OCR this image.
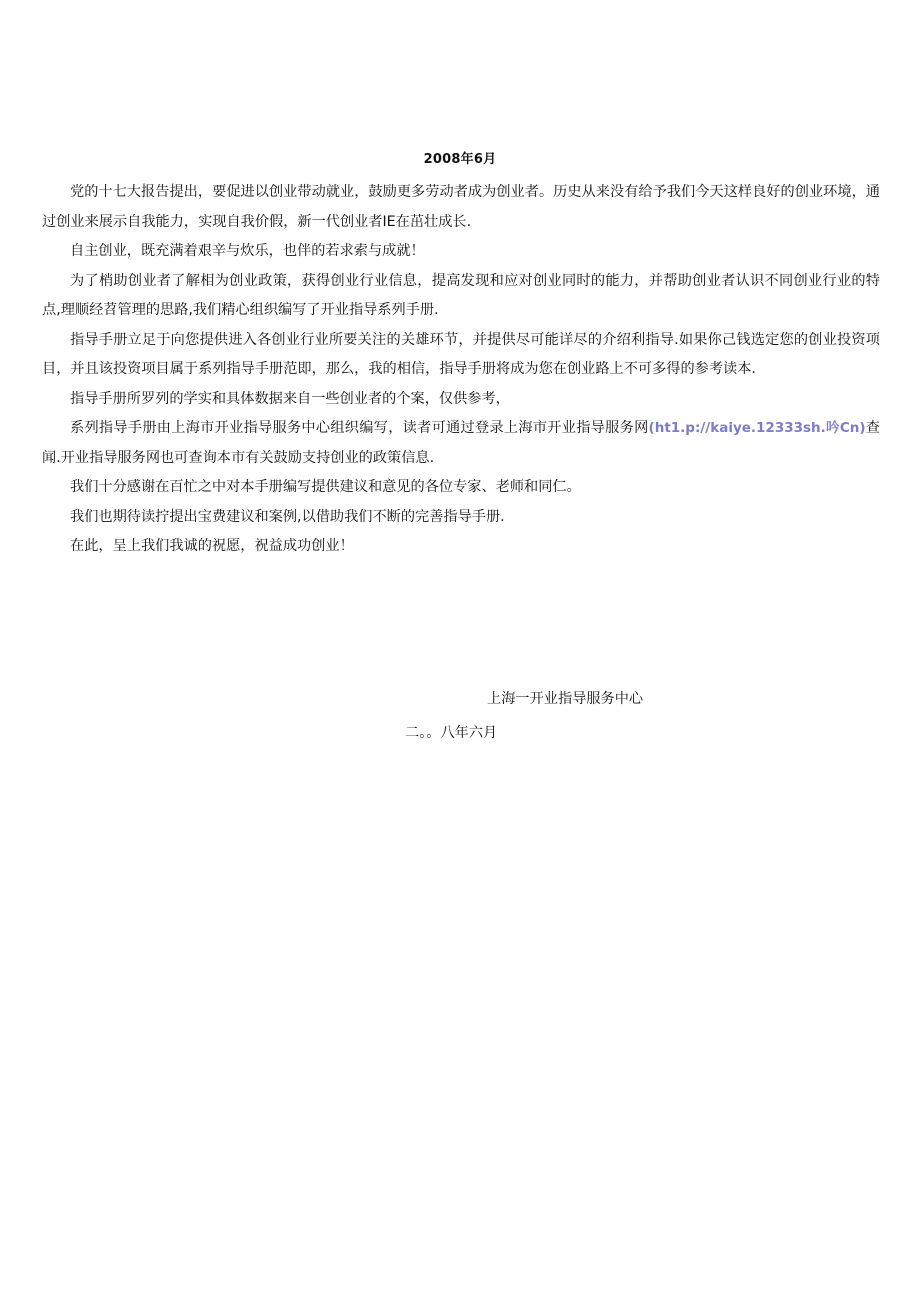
2008年6月

党的十七大报告提出，要促进以创业带动就业，鼓励更多劳动者成为创业者。历史从来没有给予我们今天这样良好的创业环境，通过创业来展示自我能力，实现自我价假，新一代创业者IE在茁壮成长.

自主创业，既充满着艰辛与炊乐，也伴的若求索与成就！

为了梢助创业者了解相为创业政策，获得创业行业信息，提高发现和应对创业同时的能力，并帮助创业者认识不同创业行业的特点,理顺经苕管理的思路,我们精心组织编写了开业指导系列手册.

指导手册立足于向您提供进入各创业行业所要关注的关雄环节，并提供尽可能详尽的介绍利指导.如果你己钱选定您的创业投资项目，并且该投资项目属于系列指导手册范即，那么，我的相信，指导手册将成为您在创业路上不可多得的参考读本.

指导手册所罗列的学实和具体数据来自一些创业者的个案，仅供参考，

系列指导手册由上海市开业指导服务中心组织编写，读者可通过登录上海市开业指导服务网(ht1.p://kaiye.12333sh.吟Cn)查闻.开业指导服务网也可查询本市有关鼓励支持创业的政策信息.

我们十分感谢在百忙之中对本手册编写提供建议和意见的各位专家、老师和同仁。

我们也期待读拧提出宝费建议和案例,以借助我们不断的完善指导手册.

在此，呈上我们我诚的祝愿，祝益成功创业！

上海一开业指导服务中心
二。。八年六月
